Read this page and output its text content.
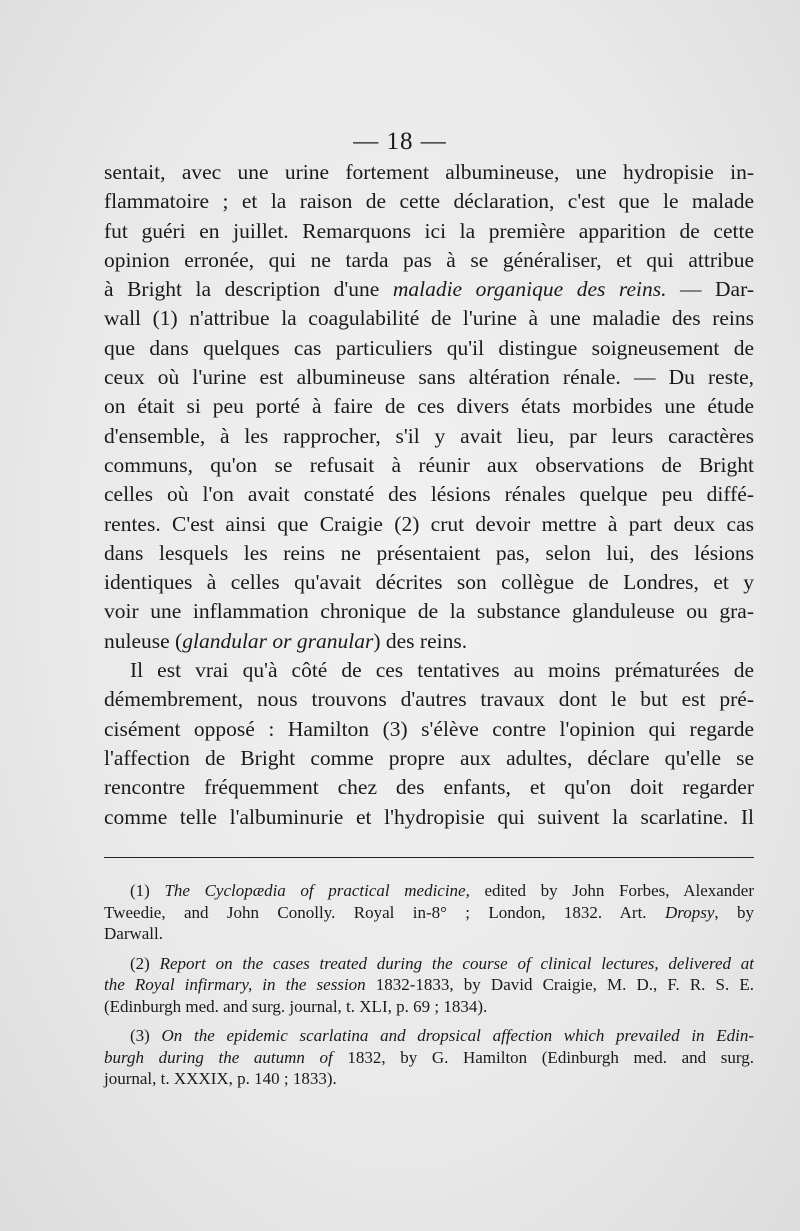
— 18 —
sentait, avec une urine fortement albumineuse, une hydropisie in-
flammatoire ; et la raison de cette déclaration, c'est que le malade
fut guéri en juillet. Remarquons ici la première apparition de cette
opinion erronée, qui ne tarda pas à se généraliser, et qui attribue
à Bright la description d'une maladie organique des reins. — Dar-
wall (1) n'attribue la coagulabilité de l'urine à une maladie des reins
que dans quelques cas particuliers qu'il distingue soigneusement de
ceux où l'urine est albumineuse sans altération rénale. — Du reste,
on était si peu porté à faire de ces divers états morbides une étude
d'ensemble, à les rapprocher, s'il y avait lieu, par leurs caractères
communs, qu'on se refusait à réunir aux observations de Bright
celles où l'on avait constaté des lésions rénales quelque peu diffé-
rentes. C'est ainsi que Craigie (2) crut devoir mettre à part deux cas
dans lesquels les reins ne présentaient pas, selon lui, des lésions
identiques à celles qu'avait décrites son collègue de Londres, et y
voir une inflammation chronique de la substance glanduleuse ou gra-
nuleuse (glandular or granular) des reins.
Il est vrai qu'à côté de ces tentatives au moins prématurées de
démembrement, nous trouvons d'autres travaux dont le but est pré-
cisément opposé : Hamilton (3) s'élève contre l'opinion qui regarde
l'affection de Bright comme propre aux adultes, déclare qu'elle se
rencontre fréquemment chez des enfants, et qu'on doit regarder
comme telle l'albuminurie et l'hydropisie qui suivent la scarlatine. Il
(1) The Cyclopædia of practical medicine, edited by John Forbes, Alexander
Tweedie, and John Conolly. Royal in-8° ; London, 1832. Art. Dropsy, by
Darwall.
(2) Report on the cases treated during the course of clinical lectures, delivered at
the Royal infirmary, in the session 1832-1833, by David Craigie, M. D., F. R. S. E.
(Edinburgh med. and surg. journal, t. XLI, p. 69 ; 1834).
(3) On the epidemic scarlatina and dropsical affection which prevailed in Edin-
burgh during the autumn of 1832, by G. Hamilton (Edinburgh med. and surg.
journal, t. XXXIX, p. 140 ; 1833).
